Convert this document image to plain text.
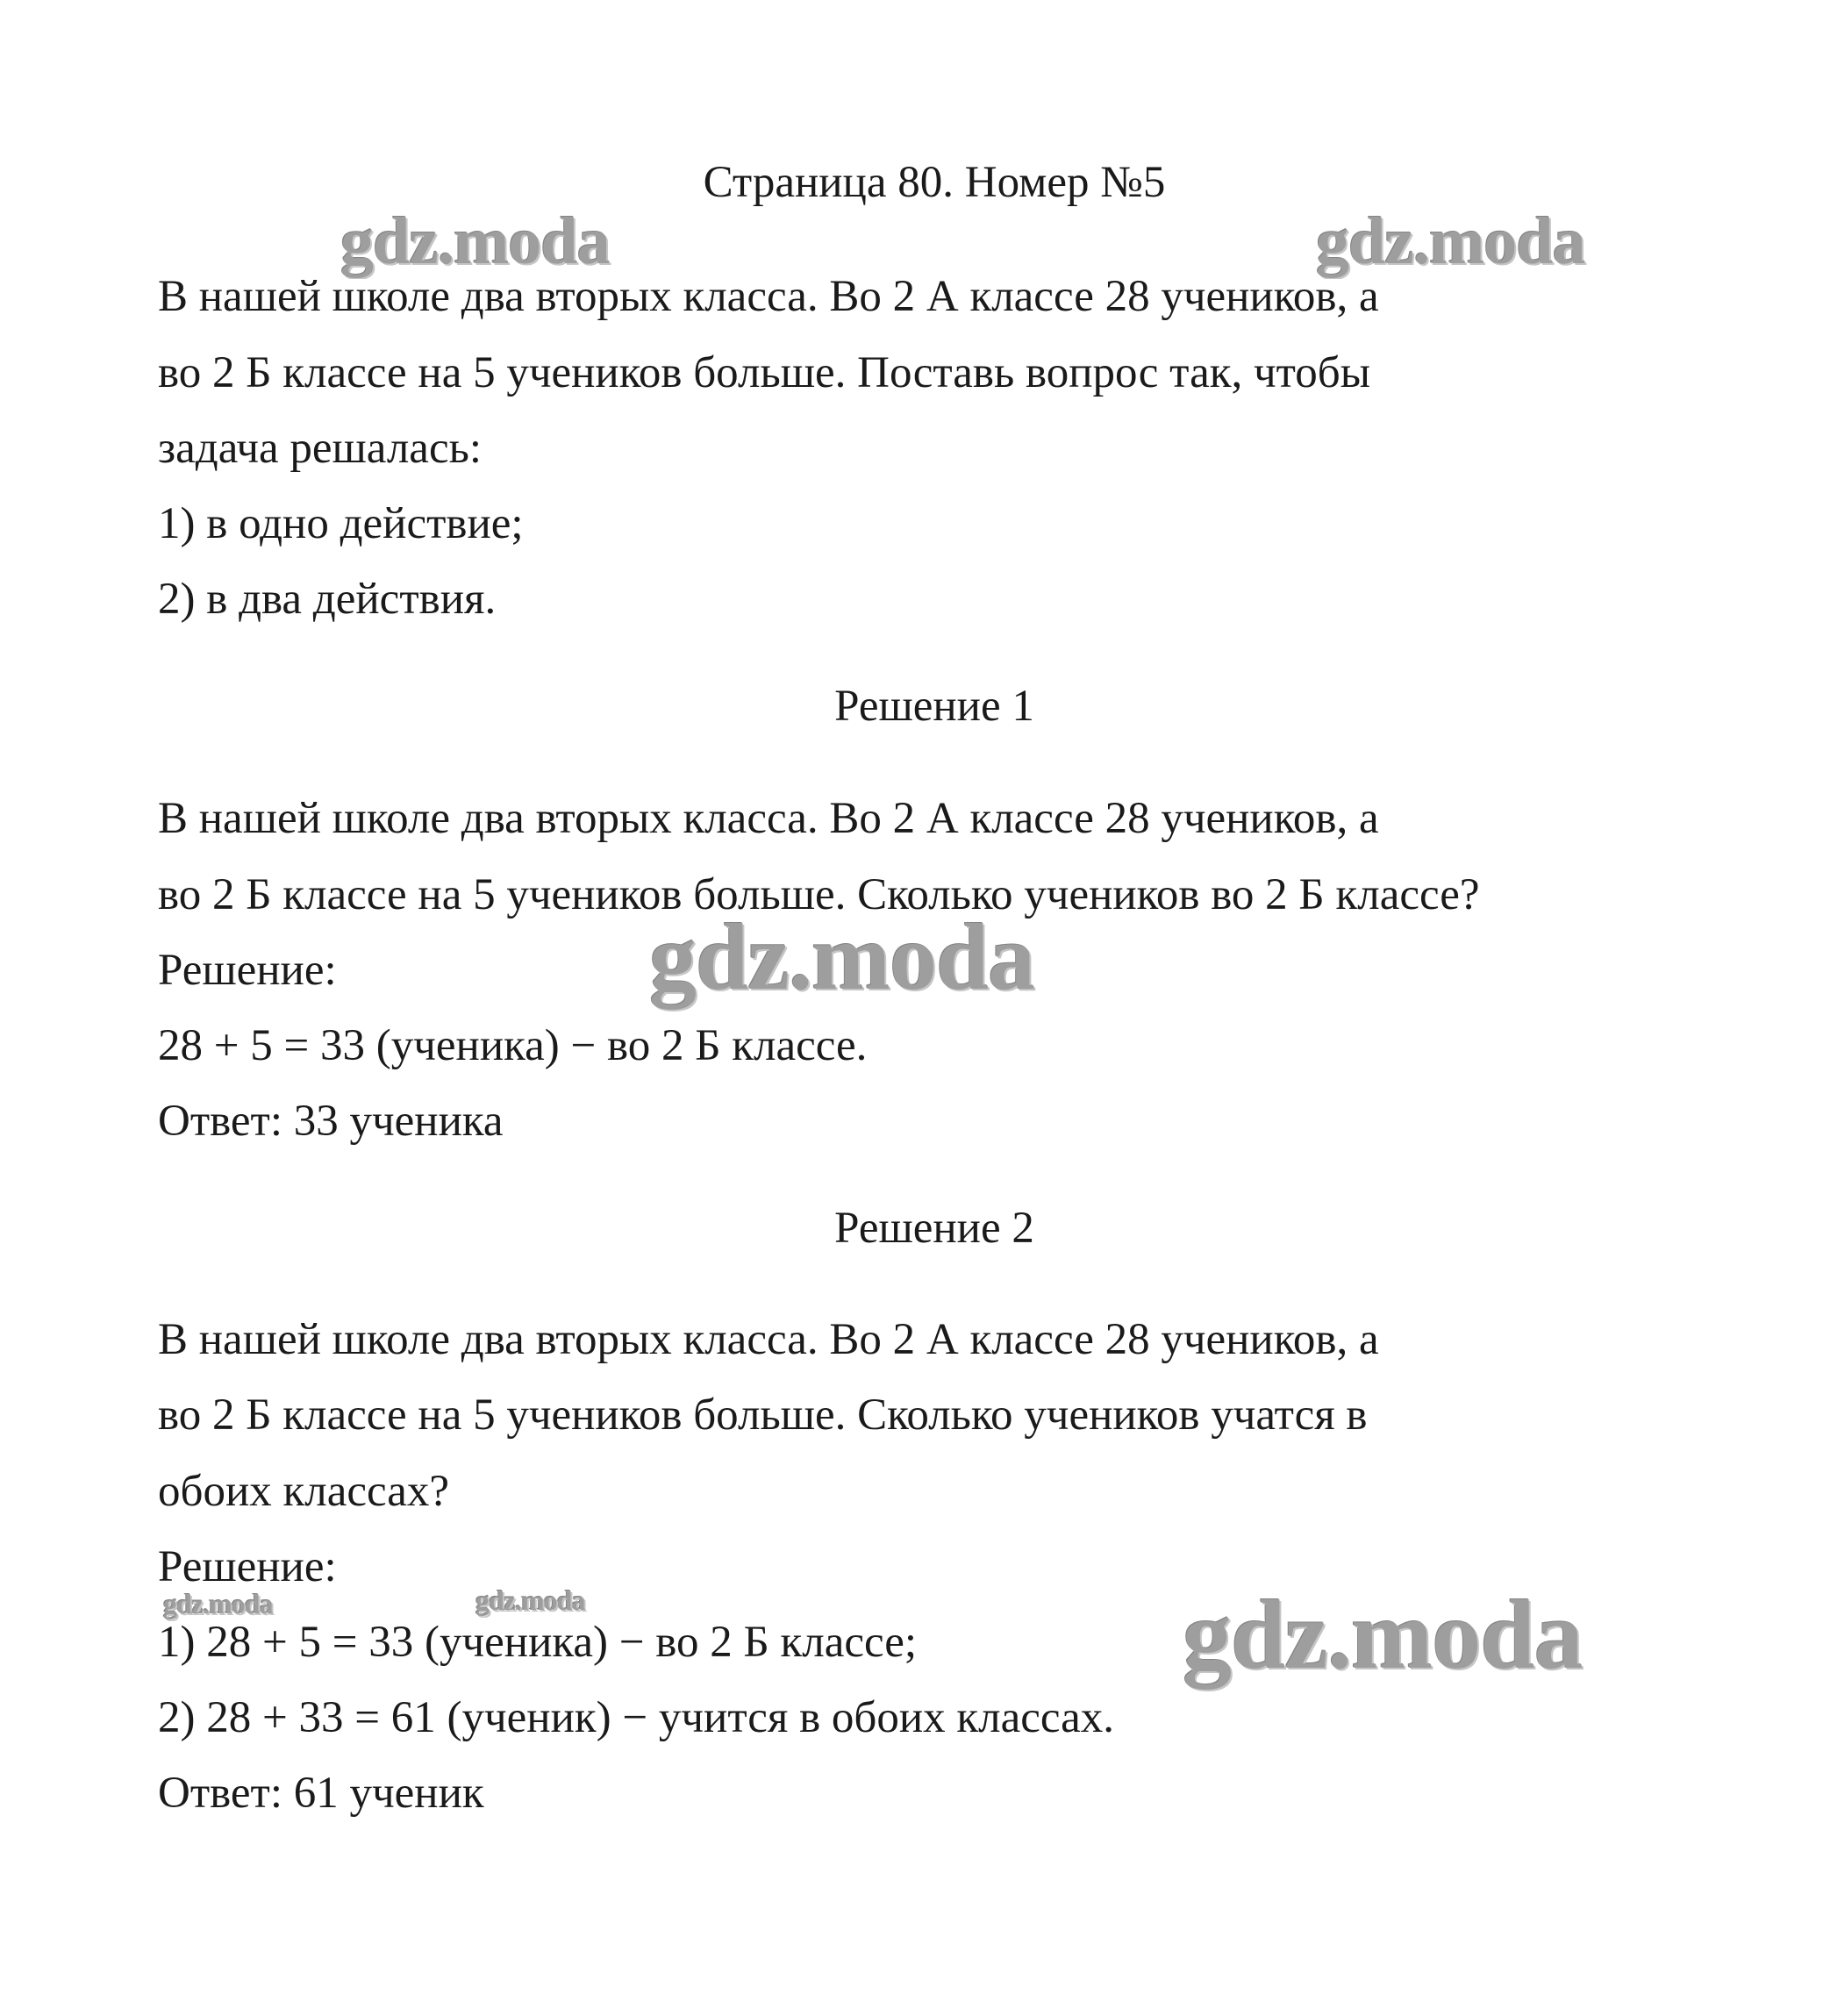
gdz.moda	gdz.moda
gdz.moda
gdz.moda	gdz.moda	gdz.moda
Страница 80. Номер №5
В нашей школе два вторых класса. Во 2 А классе 28 учеников, а
во 2 Б классе на 5 учеников больше. Поставь вопрос так, чтобы
задача решалась:
1) в одно действие;
2) в два действия.
Решение 1
В нашей школе два вторых класса. Во 2 А классе 28 учеников, а
во 2 Б классе на 5 учеников больше. Сколько учеников во 2 Б классе?
Решение:
28 + 5 = 33 (ученика) − во 2 Б классе.
Ответ: 33 ученика
Решение 2
В нашей школе два вторых класса. Во 2 А классе 28 учеников, а
во 2 Б классе на 5 учеников больше. Сколько учеников учатся в
обоих классах?
Решение:
1) 28 + 5 = 33 (ученика) − во 2 Б классе;
2) 28 + 33 = 61 (ученик) − учится в обоих классах.
Ответ: 61 ученик
